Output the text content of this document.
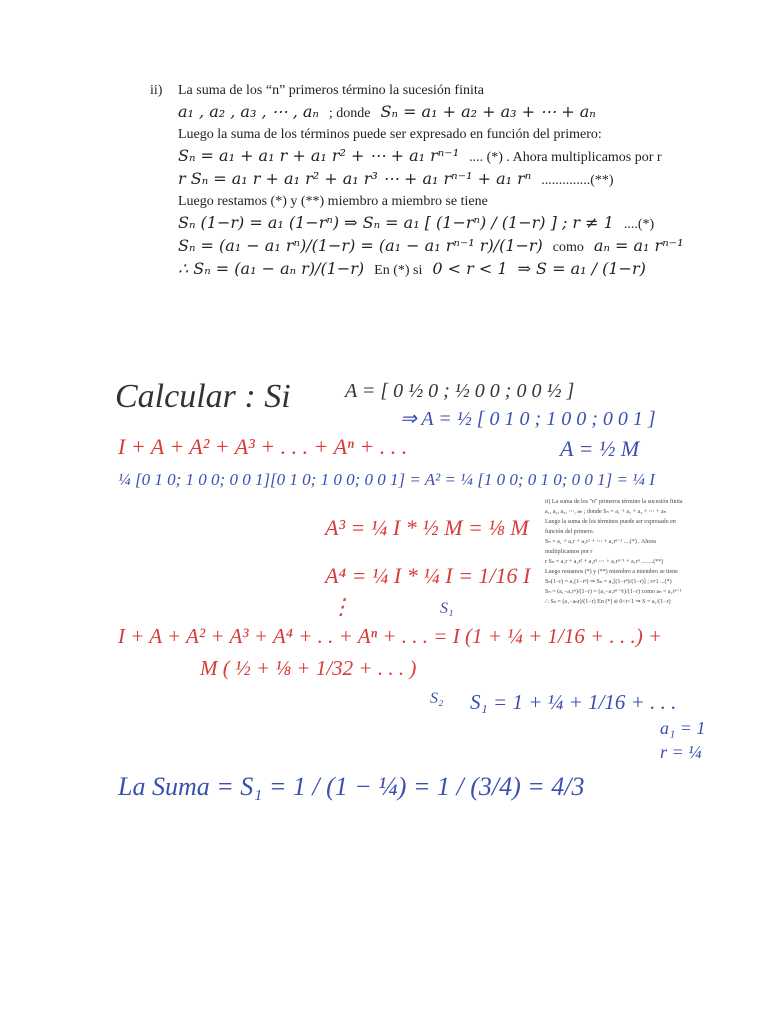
ii) La suma de los “n” primeros término la sucesión finita
a₁ , a₂ , a₃ , ⋯ , aₙ ; donde Sₙ = a₁ + a₂ + a₃ + ⋯ + aₙ
Luego la suma de los términos puede ser expresado en función del primero:
Sₙ = a₁ + a₁ r + a₁ r² + ⋯ + a₁ rⁿ⁻¹ .... (*) . Ahora multiplicamos por r
r Sₙ = a₁ r + a₁ r² + a₁ r³ ⋯ + a₁ rⁿ⁻¹ + a₁ rⁿ ..............(**)
Luego restamos (*) y (**) miembro a miembro se tiene
Sₙ (1−r) = a₁ (1−rⁿ) ⇒ Sₙ = a₁ [ (1−rⁿ) / (1−r) ] ; r ≠ 1 ....(*)
Sₙ = (a₁ − a₁ rⁿ)/(1−r) = (a₁ − a₁ rⁿ⁻¹ r)/(1−r) como aₙ = a₁ rⁿ⁻¹
∴ Sₙ = (a₁ − aₙ r)/(1−r) En (*) si 0 < r < 1 ⇒ S = a₁ / (1−r)
Calcular : Si	A = [ 0 ½ 0 ; ½ 0 0 ; 0 0 ½ ]
⇒ A = ½ [ 0 1 0 ; 1 0 0 ; 0 0 1 ]
I + A + A² + A³ + . . . + Aⁿ + . . .	A = ½ M
¼ [0 1 0; 1 0 0; 0 0 1][0 1 0; 1 0 0; 0 0 1] = A² = ¼ [1 0 0; 0 1 0; 0 0 1] = ¼ I
A³ = ¼ I * ½ M = ⅛ M
A⁴ = ¼ I * ¼ I = 1/16 I
⋮	S₁
I + A + A² + A³ + A⁴ + . . + Aⁿ + . . . = I (1 + ¼ + 1/16 + . . .) +
M ( ½ + ⅛ + 1/32 + . . . )
S₂ S₁ = 1 + ¼ + 1/16 + . . .
a₁ = 1
r = ¼
La Suma = S₁ = 1 / (1 − ¼) = 1 / (3/4) = 4/3
ii) La suma de los "n" primeros término la sucesión finita
a₁, a₂, a₃, ⋯, aₙ ; donde Sₙ = a₁ + a₂ + a₃ + ⋯ + aₙ
Luego la suma de los términos puede ser expresado en
función del primero.
Sₙ = a₁ + a₁r + a₁r² + ⋯ + a₁rⁿ⁻¹ ....(*) . Ahora
multiplicamos por r
r Sₙ = a₁r + a₁r² + a₁r³ ⋯ + a₁rⁿ⁻¹ + a₁rⁿ ........(**)
Luego restamos (*) y (**) miembro a miembro se tiene
Sₙ(1−r) = a₁(1−rⁿ) ⇒ Sₙ = a₁[(1−rⁿ)/(1−r)] ; r≠1 ...(*)
Sₙ = (a₁−a₁rⁿ)/(1−r) = (a₁−a₁rⁿ⁻¹r)/(1−r) como aₙ = a₁rⁿ⁻¹
∴ Sₙ = (a₁−aₙr)/(1−r) En (*) si 0<r<1 ⇒ S = a₁/(1−r)
